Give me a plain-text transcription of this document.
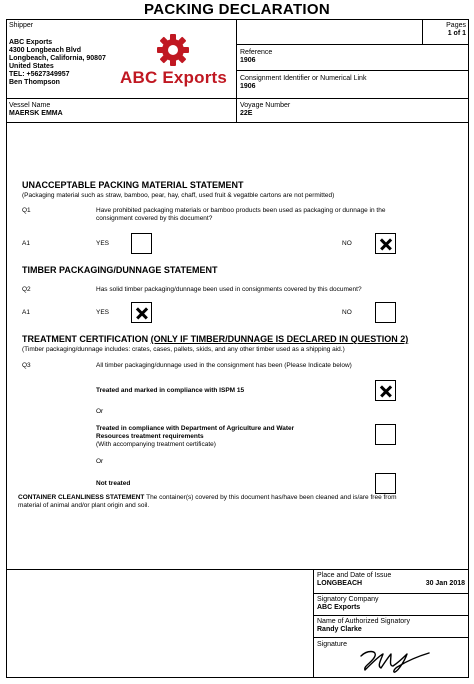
PACKING DECLARATION
Shipper
ABC Exports
4300 Longbeach Blvd
Longbeach, California, 90807
United States
TEL: +5627349957
Ben Thompson	ABC Exports
Pages
1 of 1
Reference
1906
Consignment Identifier or Numerical Link
1906
Vessel Name
MAERSK EMMA
Voyage Number
22E
UNACCEPTABLE PACKING MATERIAL STATEMENT
(Packaging material such as straw, bamboo, pear, hay, chaff, used fruit & vegatble cartons are not permitted)
Q1	Have prohibited packaging materials or bamboo products been used as packaging or dunnage in the
consignment covered by this document?
A1	YES	NO
TIMBER PACKAGING/DUNNAGE STATEMENT
Q2	Has solid timber packaging/dunnage been used in consignments covered by this document?
A1	YES	NO
TREATMENT CERTIFICATION (ONLY IF TIMBER/DUNNAGE IS DECLARED IN QUESTION 2)
(Timber packaging/dunnage includes: crates, cases, pallets, skids, and any other timber used as a shipping aid.)
Q3	All timber packaging/dunnage used in the consignment has been (Please Indicate below)
Treated and marked in compliance with ISPM 15
Or
Treated in compliance with Department of Agriculture and Water
Resources treatment requirements
(With accompanying treatment certificate)
Or
Not treated
CONTAINER CLEANLINESS STATEMENT The container(s) covered by this document has/have been cleaned and is/are free from
material of animal and/or plant origin and soil.
Place and Date of Issue
LONGBEACH	30 Jan 2018
Signatory Company
ABC Exports
Name of Authorized Signatory
Randy Clarke
Signature
